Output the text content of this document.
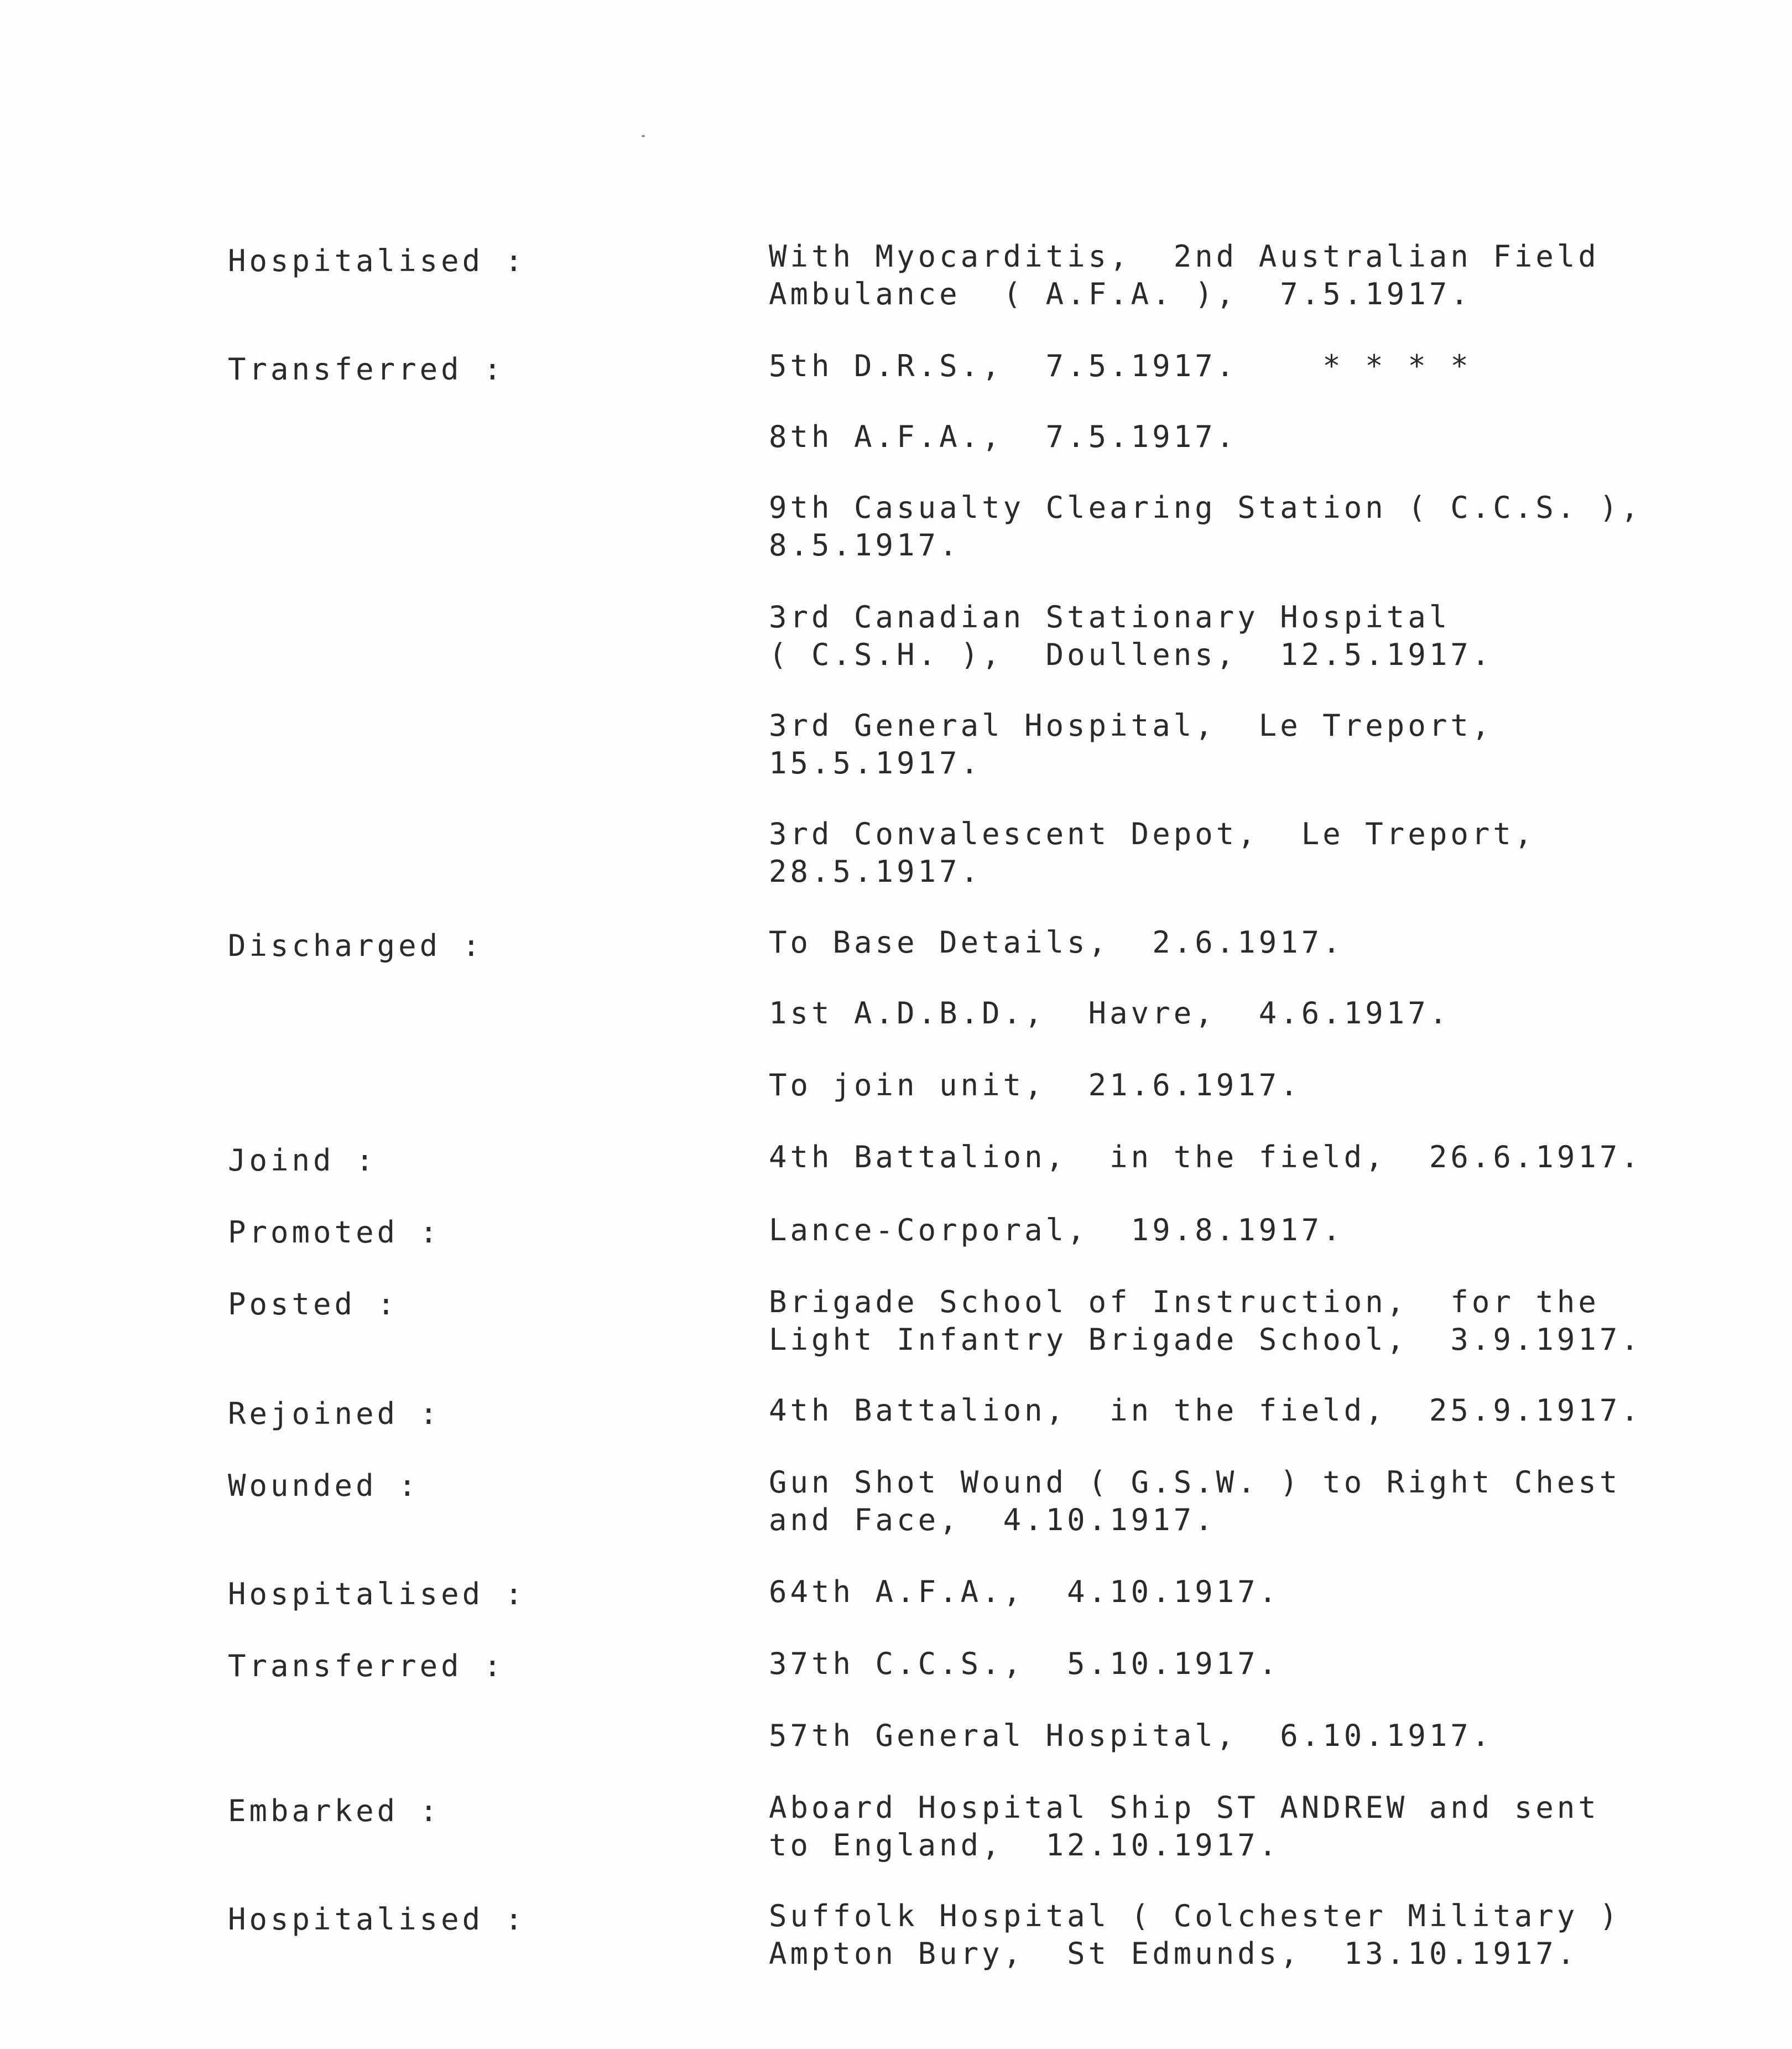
Hospitalised :	With Myocarditis,  2nd Australian Field
Ambulance  ( A.F.A. ),  7.5.1917.
Transferred :	5th D.R.S.,  7.5.1917.    * * * *
8th A.F.A.,  7.5.1917.
9th Casualty Clearing Station ( C.C.S. ),
8.5.1917.
3rd Canadian Stationary Hospital
( C.S.H. ),  Doullens,  12.5.1917.
3rd General Hospital,  Le Treport,
15.5.1917.
3rd Convalescent Depot,  Le Treport,
28.5.1917.
Discharged :	To Base Details,  2.6.1917.
1st A.D.B.D.,  Havre,  4.6.1917.
To join unit,  21.6.1917.
Joind :	4th Battalion,  in the field,  26.6.1917.
Promoted :	Lance-Corporal,  19.8.1917.
Posted :	Brigade School of Instruction,  for the
Light Infantry Brigade School,  3.9.1917.
Rejoined :	4th Battalion,  in the field,  25.9.1917.
Wounded :	Gun Shot Wound ( G.S.W. ) to Right Chest
and Face,  4.10.1917.
Hospitalised :	64th A.F.A.,  4.10.1917.
Transferred :	37th C.C.S.,  5.10.1917.
57th General Hospital,  6.10.1917.
Embarked :	Aboard Hospital Ship ST ANDREW and sent
to England,  12.10.1917.
Hospitalised :	Suffolk Hospital ( Colchester Military )
Ampton Bury,  St Edmunds,  13.10.1917.
